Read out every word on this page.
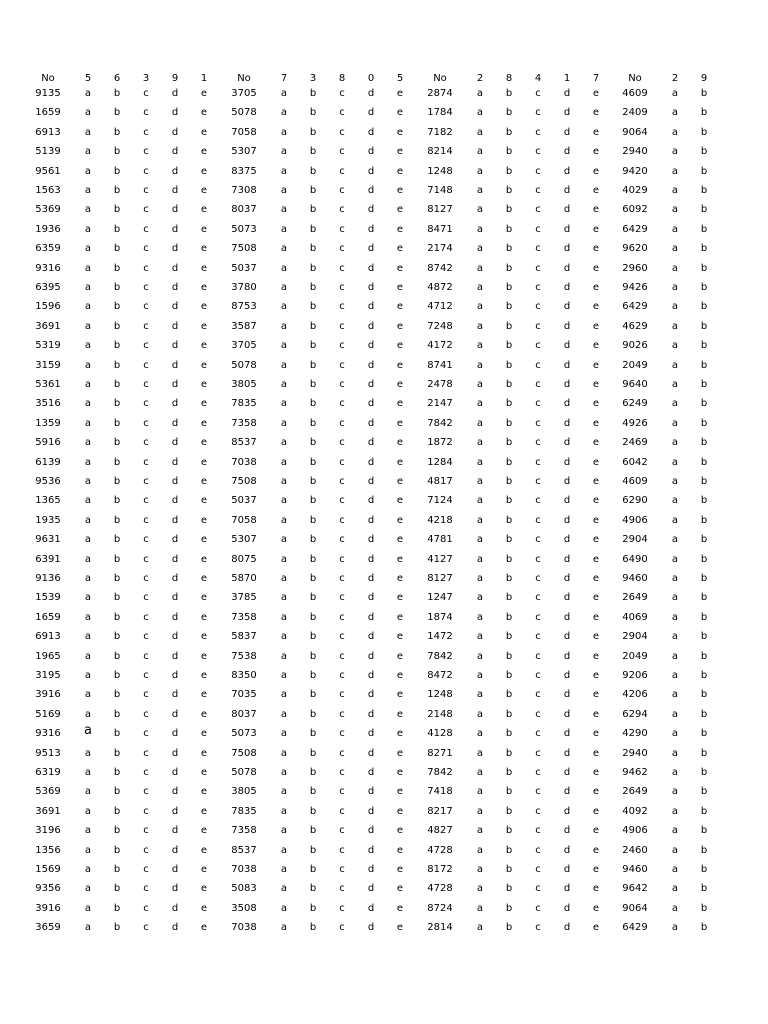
No	5 6 3 9 1
9135 a b c d e
1659 a b c d e
6913 a b c d e
5139 a b c d e
9561 a b c d e
1563 a b c d e
5369 a b c d e
1936 a b c d e
6359 a b c d e
9316 a b c d e
6395 a b c d e
1596 a b c d e
3691 a b c d e
5319 a b c d e
3159 a b c d e
5361 a b c d e
3516 a b c d e
1359 a b c d e
5916 a b c d e
6139 a b c d e
9536 a b c d e
1365 a b c d e
1935 a b c d e
9631 a b c d e
6391 a b c d e
9136 a b c d e
1539 a b c d e
1659 a b c d e
6913 a b c d e
1965 a b c d e
3195 a b c d e
3916 a b c d e
5169 a b c d e
9316 a b c d e
9513 a b c d e
6319 a b c d e
5369 a b c d e
3691 a b c d e
3196 a b c d e
1356 a b c d e
1569 a b c d e
9356 a b c d e
3916 a b c d e
3659 a b c d e
No	7 3 8 0 5
3705 a b c d e
5078 a b c d e
7058 a b c d e
5307 a b c d e
8375 a b c d e
7308 a b c d e
8037 a b c d e
5073 a b c d e
7508 a b c d e
5037 a b c d e
3780 a b c d e
8753 a b c d e
3587 a b c d e
3705 a b c d e
5078 a b c d e
3805 a b c d e
7835 a b c d e
7358 a b c d e
8537 a b c d e
7038 a b c d e
7508 a b c d e
5037 a b c d e
7058 a b c d e
5307 a b c d e
8075 a b c d e
5870 a b c d e
3785 a b c d e
7358 a b c d e
5837 a b c d e
7538 a b c d e
8350 a b c d e
7035 a b c d e
8037 a b c d e
5073 a b c d e
7508 a b c d e
5078 a b c d e
3805 a b c d e
7835 a b c d e
7358 a b c d e
8537 a b c d e
7038 a b c d e
5083 a b c d e
3508 a b c d e
7038 a b c d e
No	2 8 4 1 7
2874 a b c d e
1784 a b c d e
7182 a b c d e
8214 a b c d e
1248 a b c d e
7148 a b c d e
8127 a b c d e
8471 a b c d e
2174 a b c d e
8742 a b c d e
4872 a b c d e
4712 a b c d e
7248 a b c d e
4172 a b c d e
8741 a b c d e
2478 a b c d e
2147 a b c d e
7842 a b c d e
1872 a b c d e
1284 a b c d e
4817 a b c d e
7124 a b c d e
4218 a b c d e
4781 a b c d e
4127 a b c d e
8127 a b c d e
1247 a b c d e
1874 a b c d e
1472 a b c d e
7842 a b c d e
8472 a b c d e
1248 a b c d e
2148 a b c d e
4128 a b c d e
8271 a b c d e
7842 a b c d e
7418 a b c d e
8217 a b c d e
4827 a b c d e
4728 a b c d e
8172 a b c d e
4728 a b c d e
8724 a b c d e
2814 a b c d e
No	2 9
4609 a b
2409 a b
9064 a b
2940 a b
9420 a b
4029 a b
6092 a b
6429 a b
9620 a b
2960 a b
9426 a b
6429 a b
4629 a b
9026 a b
2049 a b
9640 a b
6249 a b
4926 a b
2469 a b
6042 a b
4609 a b
6290 a b
4906 a b
2904 a b
6490 a b
9460 a b
2649 a b
4069 a b
2904 a b
2049 a b
9206 a b
4206 a b
6294 a b
4290 a b
2940 a b
9462 a b
2649 a b
4092 a b
4906 a b
2460 a b
9460 a b
9642 a b
9064 a b
6429 a b
